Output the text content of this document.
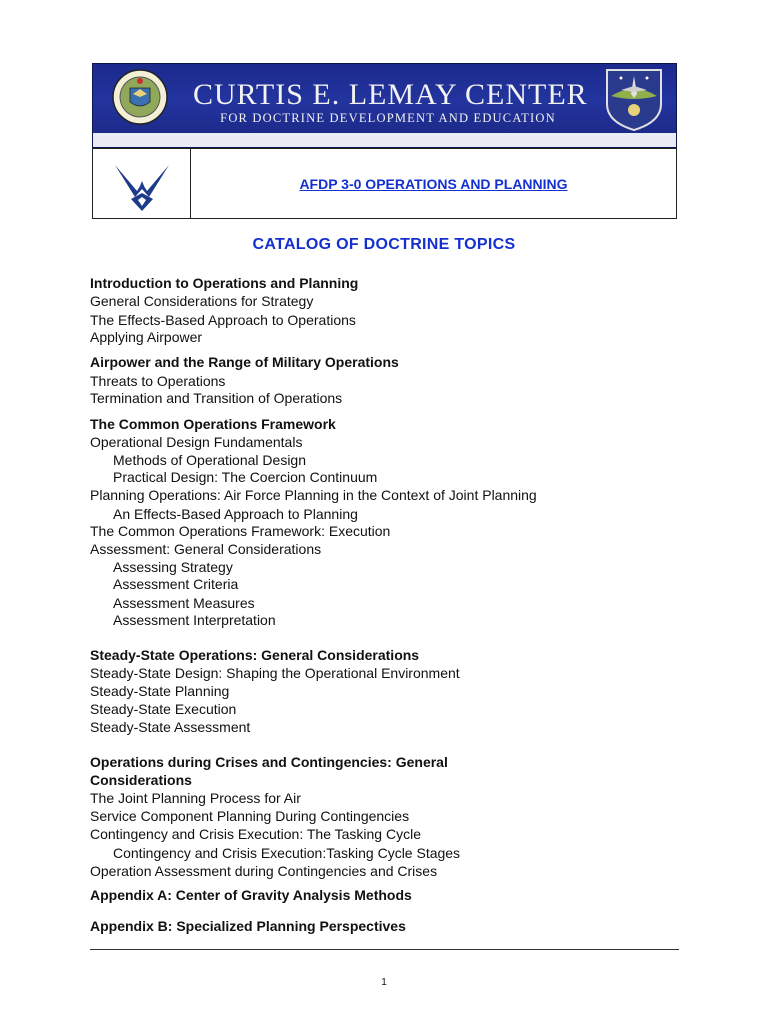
CURTIS E. LEMAY CENTER
FOR DOCTRINE DEVELOPMENT AND EDUCATION
AFDP 3-0 OPERATIONS AND PLANNING
CATALOG OF DOCTRINE TOPICS
Introduction to Operations and Planning
General Considerations for Strategy
The Effects-Based Approach to Operations
Applying Airpower
Airpower and the Range of Military Operations
Threats to Operations
Termination and Transition of Operations
The Common Operations Framework
Operational Design Fundamentals
Methods of Operational Design
Practical Design: The Coercion Continuum
Planning Operations: Air Force Planning in the Context of Joint Planning
An Effects-Based Approach to Planning
The Common Operations Framework: Execution
Assessment: General Considerations
Assessing Strategy
Assessment Criteria
Assessment Measures
Assessment Interpretation
Steady-State Operations: General Considerations
Steady-State Design: Shaping the Operational Environment
Steady-State Planning
Steady-State Execution
Steady-State Assessment
Operations during Crises and Contingencies: General
Considerations
The Joint Planning Process for Air
Service Component Planning During Contingencies
Contingency and Crisis Execution: The Tasking Cycle
Contingency and Crisis Execution:Tasking Cycle Stages
Operation Assessment during Contingencies and Crises
Appendix A: Center of Gravity Analysis Methods
Appendix B: Specialized Planning Perspectives
1
